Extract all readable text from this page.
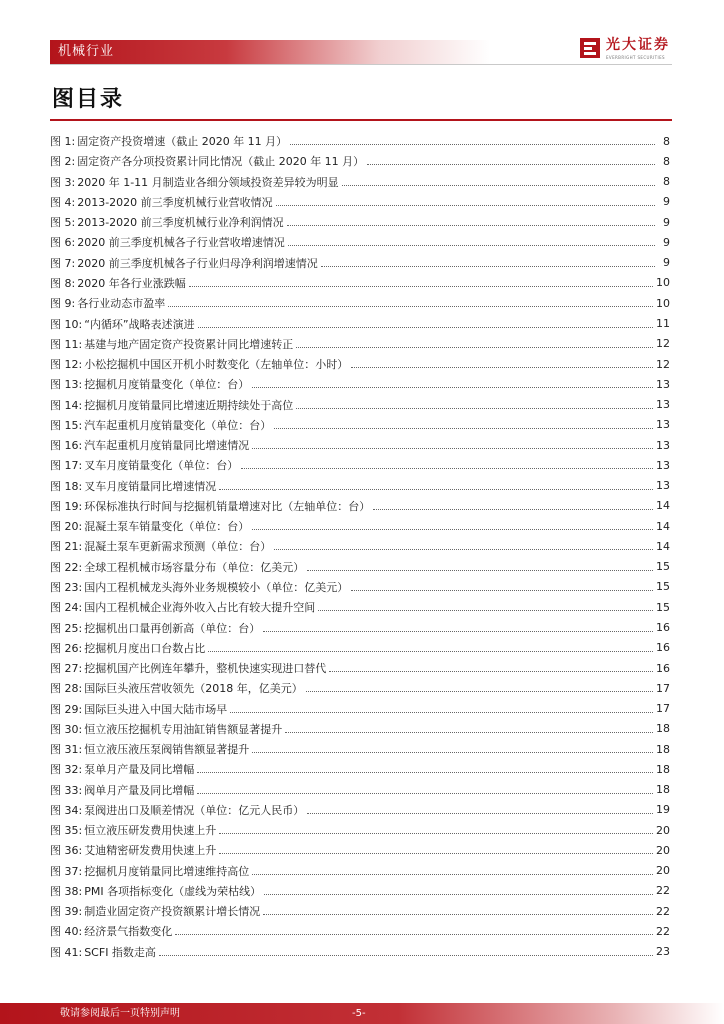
机械行业	光大证券
EVERBRIGHT SECURITIES
图目录
图 1: 固定资产投资增速（截止 2020 年 11 月）	8
图 2: 固定资产各分项投资累计同比情况（截止 2020 年 11 月）	8
图 3: 2020 年 1-11 月制造业各细分领域投资差异较为明显	8
图 4: 2013-2020 前三季度机械行业营收情况	9
图 5: 2013-2020 前三季度机械行业净利润情况	9
图 6: 2020 前三季度机械各子行业营收增速情况	9
图 7: 2020 前三季度机械各子行业归母净利润增速情况	9
图 8: 2020 年各行业涨跌幅	10
图 9: 各行业动态市盈率	10
图 10: “内循环”战略表述演进	11
图 11: 基建与地产固定资产投资累计同比增速转正	12
图 12: 小松挖掘机中国区开机小时数变化（左轴单位：小时）	12
图 13: 挖掘机月度销量变化（单位：台）	13
图 14: 挖掘机月度销量同比增速近期持续处于高位	13
图 15: 汽车起重机月度销量变化（单位：台）	13
图 16: 汽车起重机月度销量同比增速情况	13
图 17: 叉车月度销量变化（单位：台）	13
图 18: 叉车月度销量同比增速情况	13
图 19: 环保标准执行时间与挖掘机销量增速对比（左轴单位：台）	14
图 20: 混凝土泵车销量变化（单位：台）	14
图 21: 混凝土泵车更新需求预测（单位：台）	14
图 22: 全球工程机械市场容量分布（单位：亿美元）	15
图 23: 国内工程机械龙头海外业务规模较小（单位：亿美元）	15
图 24: 国内工程机械企业海外收入占比有较大提升空间	15
图 25: 挖掘机出口量再创新高（单位：台）	16
图 26: 挖掘机月度出口台数占比	16
图 27: 挖掘机国产比例连年攀升，整机快速实现进口替代	16
图 28: 国际巨头液压营收领先（2018 年，亿美元）	17
图 29: 国际巨头进入中国大陆市场早	17
图 30: 恒立液压挖掘机专用油缸销售额显著提升	18
图 31: 恒立液压液压泵阀销售额显著提升	18
图 32: 泵单月产量及同比增幅	18
图 33: 阀单月产量及同比增幅	18
图 34: 泵阀进出口及顺差情况（单位：亿元人民币）	19
图 35: 恒立液压研发费用快速上升	20
图 36: 艾迪精密研发费用快速上升	20
图 37: 挖掘机月度销量同比增速维持高位	20
图 38: PMI 各项指标变化（虚线为荣枯线）	22
图 39: 制造业固定资产投资额累计增长情况	22
图 40: 经济景气指数变化	22
图 41: SCFI 指数走高	23
敬请参阅最后一页特别声明	-5-
